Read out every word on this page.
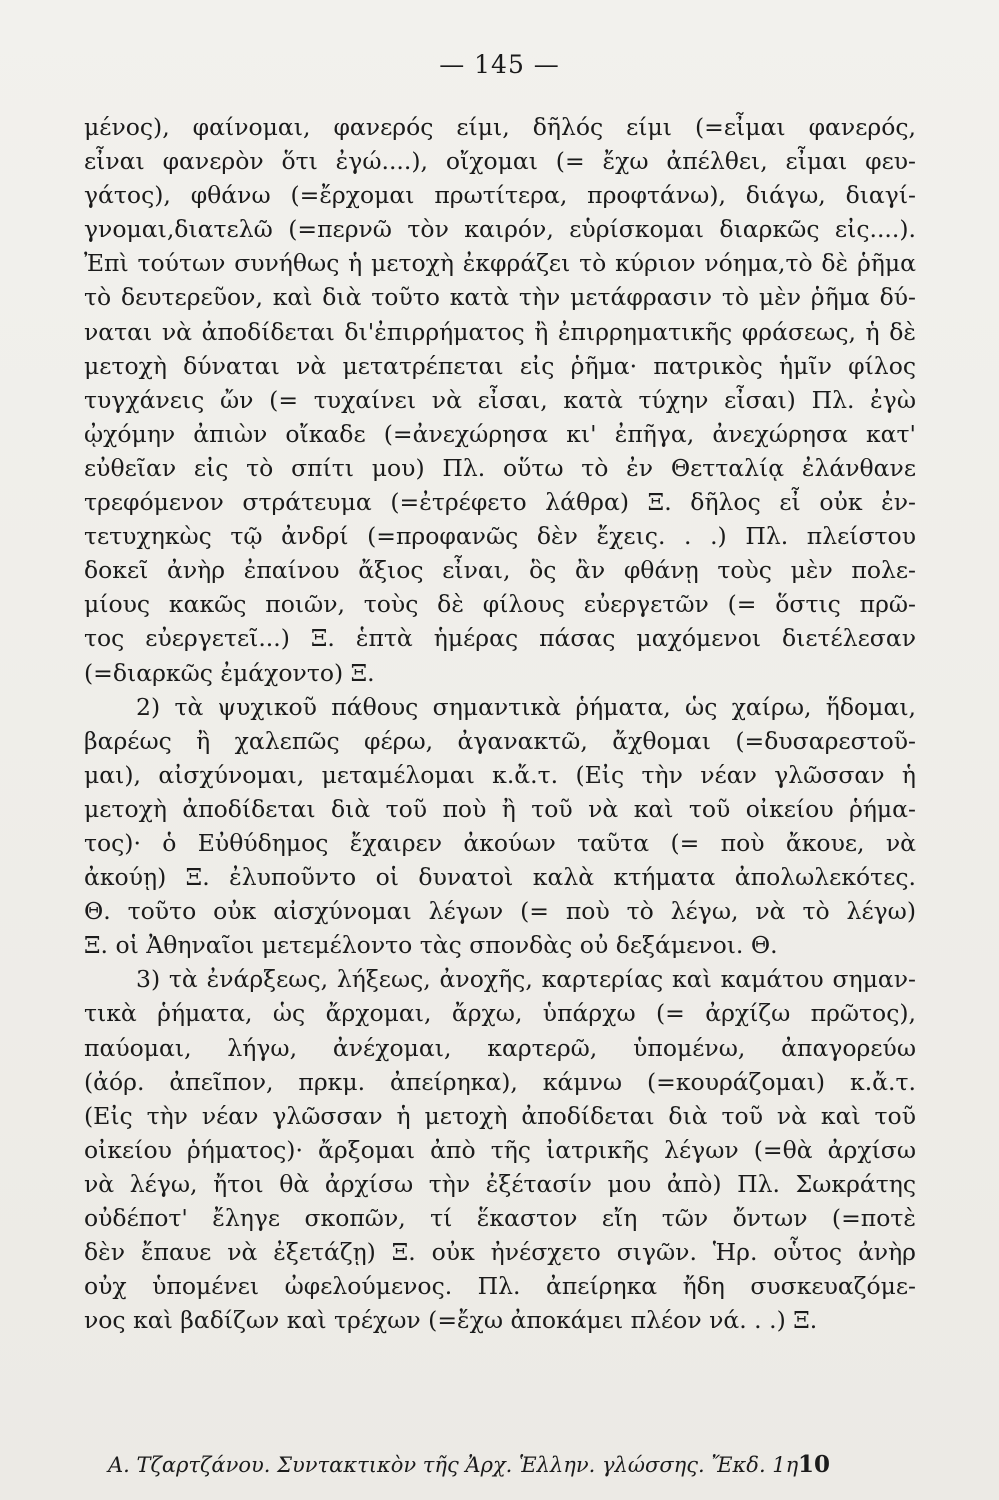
— 145 —
μένος), φαίνομαι, φανερός είμι, δῆλός είμι (=εἶμαι φανερός,
εἶναι φανερὸν ὅτι ἐγώ....), οἴχομαι (= ἔχω ἀπέλθει, εἶμαι φευ-
γάτος), φθάνω (=ἔρχομαι πρωτίτερα, προφτάνω), διάγω, διαγί-
γνομαι,διατελῶ (=περνῶ τὸν καιρόν, εὑρίσκομαι διαρκῶς εἰς....).
Ἐπὶ τούτων συνήθως ἡ μετοχὴ ἐκφράζει τὸ κύριον νόημα,τὸ δὲ ῥῆμα
τὸ δευτερεῦον, καὶ διὰ τοῦτο κατὰ τὴν μετάφρασιν τὸ μὲν ῥῆμα δύ-
ναται νὰ ἀποδίδεται δι'ἐπιρρήματος ἢ ἐπιρρηματικῆς φράσεως, ἡ δὲ
μετοχὴ δύναται νὰ μετατρέπεται εἰς ῥῆμα· πατρικὸς ἡμῖν φίλος
τυγχάνεις ὤν (= τυχαίνει νὰ εἶσαι, κατὰ τύχην εἶσαι) Πλ. ἐγὼ
ᾠχόμην ἀπιὼν οἴκαδε (=ἀνεχώρησα κι' ἐπῆγα, ἀνεχώρησα κατ'
εὐθεῖαν εἰς τὸ σπίτι μου) Πλ. οὕτω τὸ ἐν Θετταλίᾳ ἐλάνθανε
τρεφόμενον στράτευμα (=ἐτρέφετο λάθρα) Ξ. δῆλος εἶ οὐκ ἐν-
τετυχηκὼς τῷ ἀνδρί (=προφανῶς δὲν ἔχεις. . .) Πλ. πλείστου
δοκεῖ ἀνὴρ ἐπαίνου ἄξιος εἶναι, ὃς ἂν φθάνῃ τοὺς μὲν πολε-
μίους κακῶς ποιῶν, τοὺς δὲ φίλους εὐεργετῶν (= ὅστις πρῶ-
τος εὐεργετεῖ...) Ξ. ἑπτὰ ἡμέρας πάσας μαχόμενοι διετέλεσαν
(=διαρκῶς ἐμάχοντο) Ξ.
2) τὰ ψυχικοῦ πάθους σημαντικὰ ῥήματα, ὡς χαίρω, ἥδομαι,
βαρέως ἢ χαλεπῶς φέρω, ἀγανακτῶ, ἄχθομαι (=δυσαρεστοῦ-
μαι), αἰσχύνομαι, μεταμέλομαι κ.ἄ.τ. (Εἰς τὴν νέαν γλῶσσαν ἡ
μετοχὴ ἀποδίδεται διὰ τοῦ ποὺ ἢ τοῦ νὰ καὶ τοῦ οἰκείου ῥήμα-
τος)· ὁ Εὐθύδημος ἔχαιρεν ἀκούων ταῦτα (= ποὺ ἄκουε, νὰ
ἀκούῃ) Ξ. ἐλυποῦντο οἱ δυνατοὶ καλὰ κτήματα ἀπολωλεκότες.
Θ. τοῦτο οὐκ αἰσχύνομαι λέγων (= ποὺ τὸ λέγω, νὰ τὸ λέγω)
Ξ. οἱ Ἀθηναῖοι μετεμέλοντο τὰς σπονδὰς οὐ δεξάμενοι. Θ.
3) τὰ ἐνάρξεως, λήξεως, ἀνοχῆς, καρτερίας καὶ καμάτου σημαν-
τικὰ ῥήματα, ὡς ἄρχομαι, ἄρχω, ὑπάρχω (= ἀρχίζω πρῶτος),
παύομαι, λήγω, ἀνέχομαι, καρτερῶ, ὑπομένω, ἀπαγορεύω
(ἀόρ. ἀπεῖπον, πρκμ. ἀπείρηκα), κάμνω (=κουράζομαι) κ.ἄ.τ.
(Εἰς τὴν νέαν γλῶσσαν ἡ μετοχὴ ἀποδίδεται διὰ τοῦ νὰ καὶ τοῦ
οἰκείου ῥήματος)· ἄρξομαι ἀπὸ τῆς ἰατρικῆς λέγων (=θὰ ἀρχίσω
νὰ λέγω, ἤτοι θὰ ἀρχίσω τὴν ἐξέτασίν μου ἀπὸ) Πλ. Σωκράτης
οὐδέποτ' ἔληγε σκοπῶν, τί ἕκαστον εἴη τῶν ὄντων (=ποτὲ
δὲν ἔπαυε νὰ ἐξετάζῃ) Ξ. οὐκ ἠνέσχετο σιγῶν. Ἡρ. οὗτος ἀνὴρ
οὐχ ὑπομένει ὠφελούμενος. Πλ. ἀπείρηκα ἤδη συσκευαζόμε-
νος καὶ βαδίζων καὶ τρέχων (=ἔχω ἀποκάμει πλέον νά. . .) Ξ.
Α. Τζαρτζάνου. Συντακτικὸν τῆς Ἀρχ. Ἑλλην. γλώσσης. Ἔκδ. 1η 10
